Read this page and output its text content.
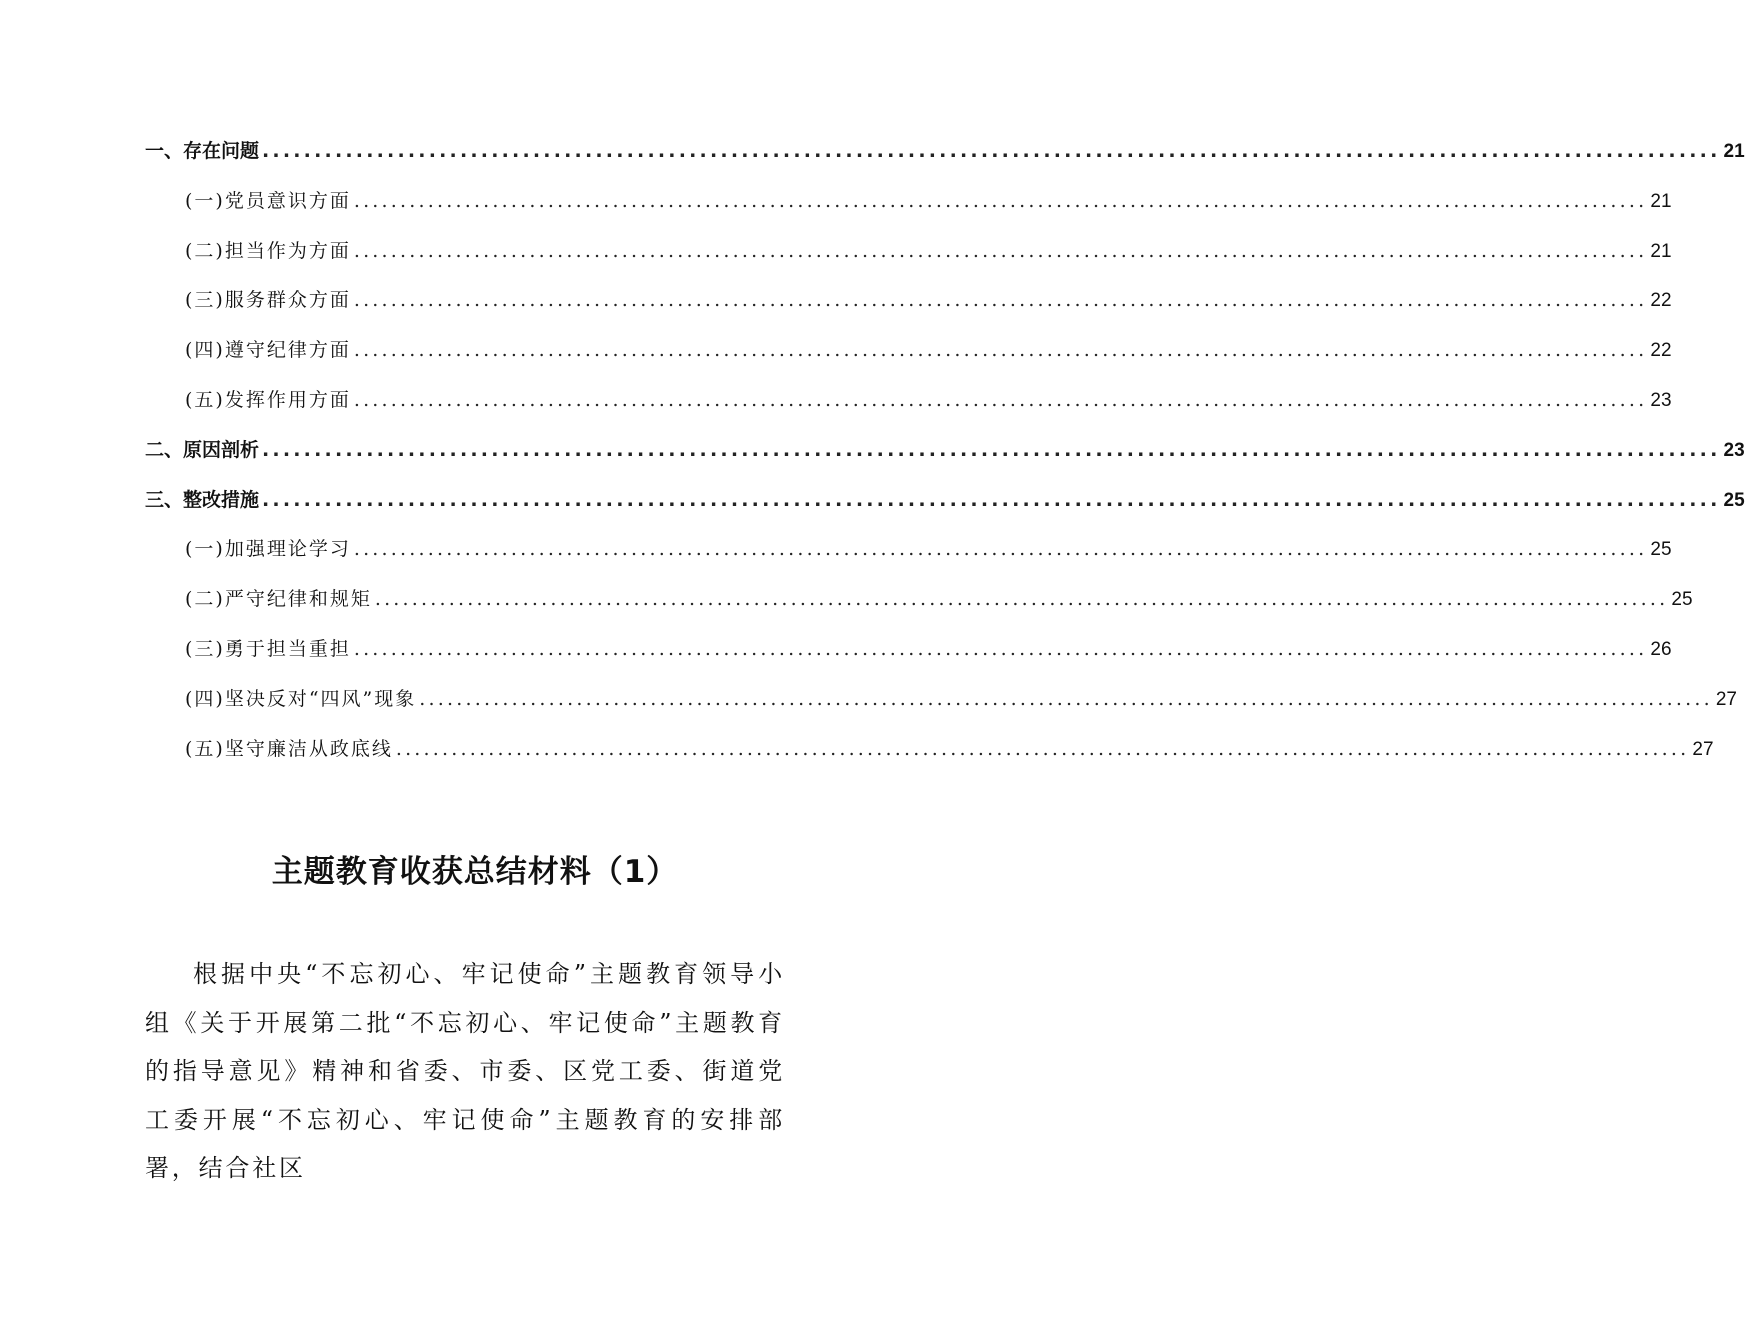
一、存在问题 .....	21
(一)党员意识方面 .....	21
(二)担当作为方面 .....	21
(三)服务群众方面 .....	22
(四)遵守纪律方面 .....	22
(五)发挥作用方面 .....	23
二、原因剖析 .....	23
三、整改措施 .....	25
(一)加强理论学习 .....	25
(二)严守纪律和规矩 .....	25
(三)勇于担当重担 .....	26
(四)坚决反对“四风”现象 .....	27
(五)坚守廉洁从政底线 .....	27
主题教育收获总结材料（1）
根据中央“不忘初心、牢记使命”主题教育领导小组《关于开展第二批“不忘初心、牢记使命”主题教育的指导意见》精神和省委、市委、区党工委、街道党工委开展“不忘初心、牢记使命”主题教育的安排部署，结合社区
